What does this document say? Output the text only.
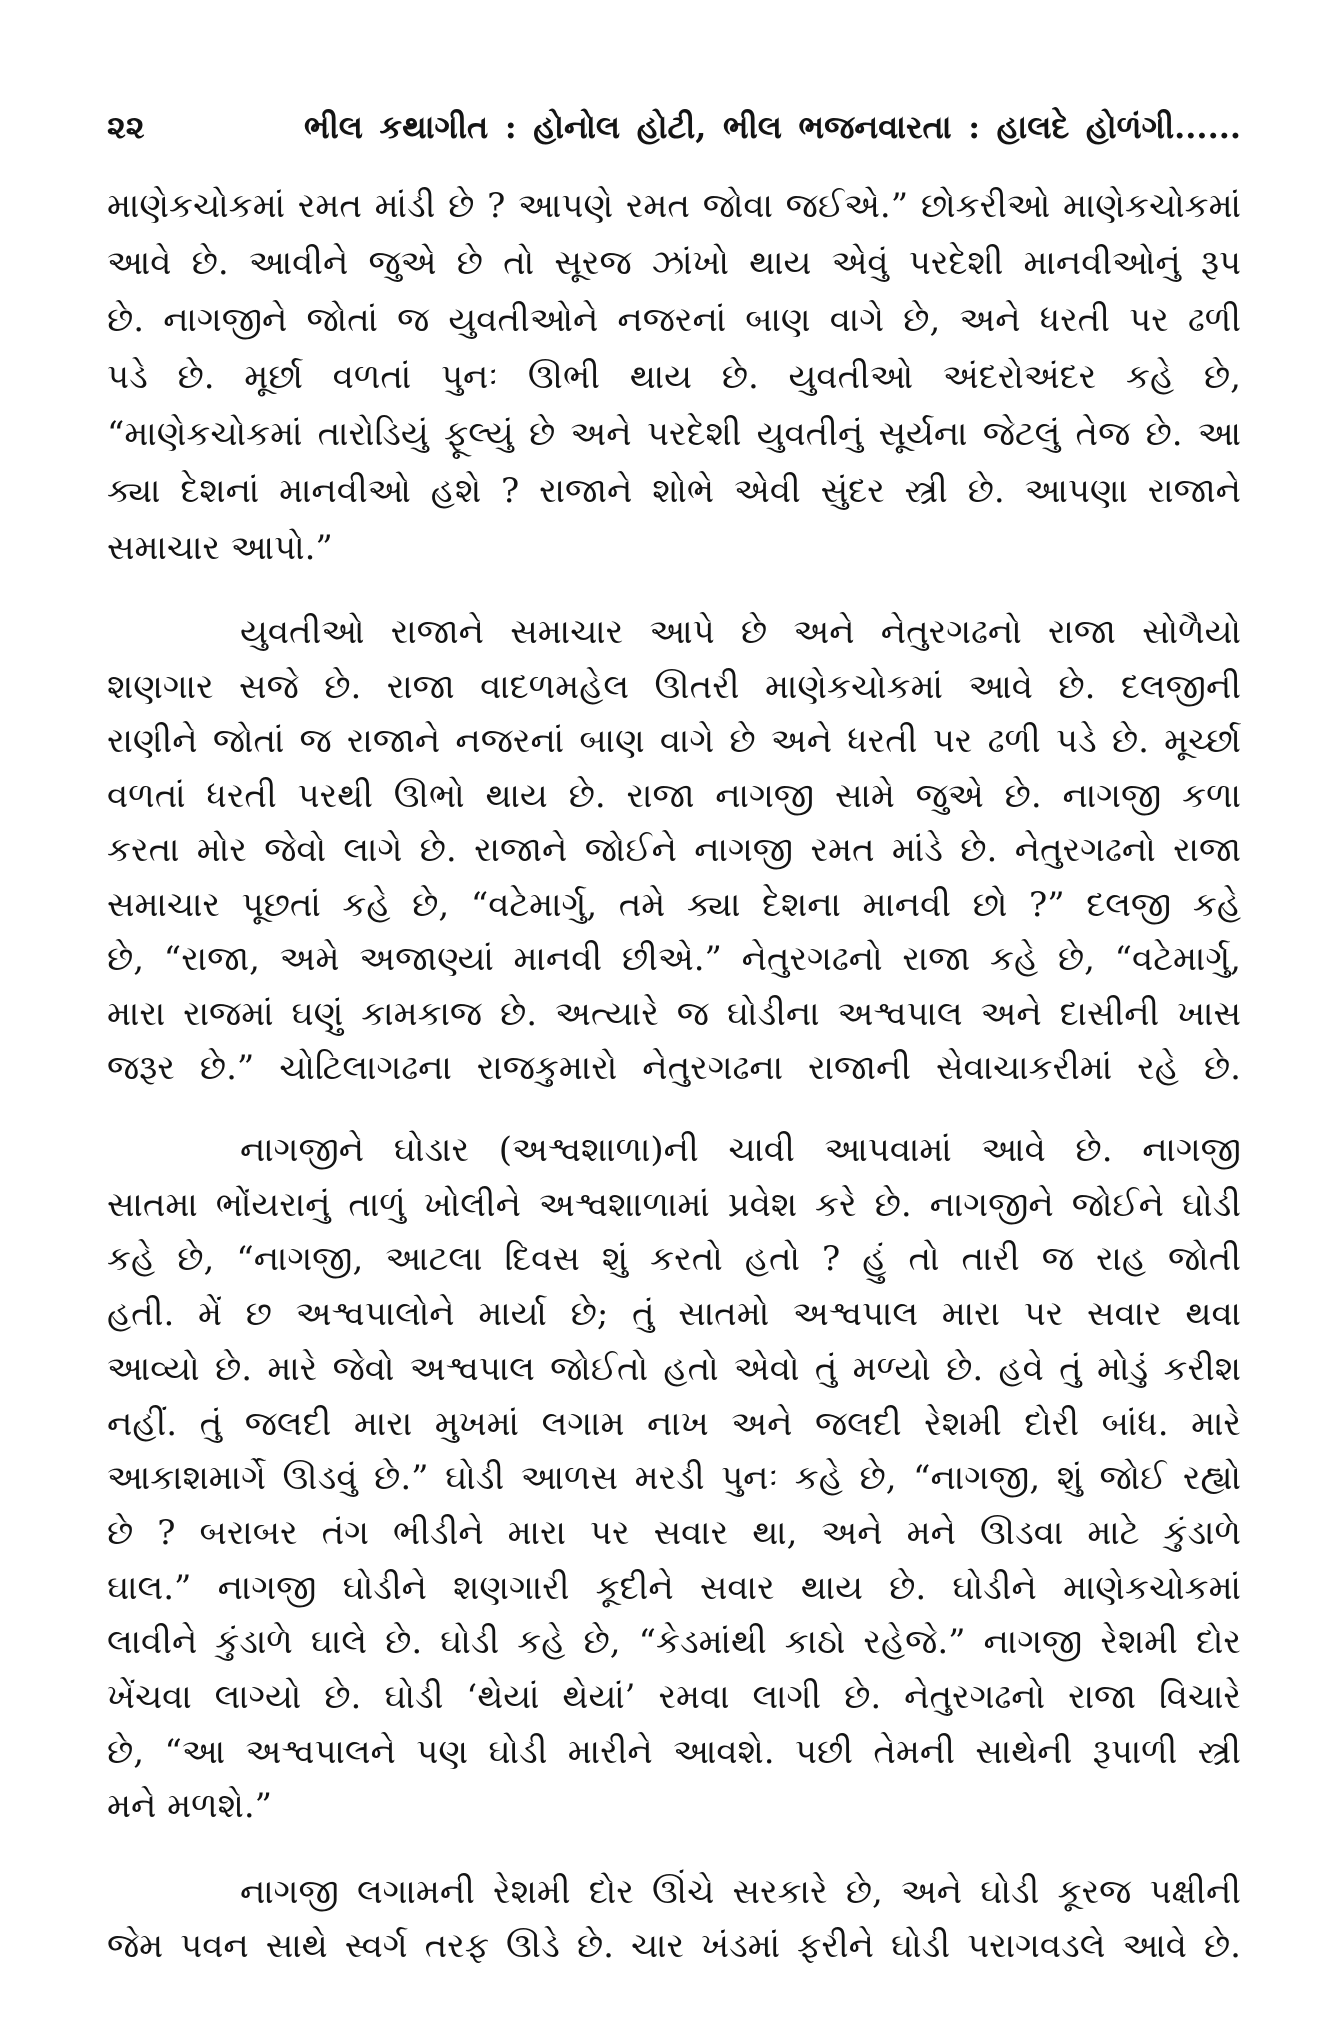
૨૨	ભીલ કથાગીત : હોનોલ હોટી, ભીલ ભજનવારતા : હાલદે હોળંગી......
માણેકચોકમાં રમત માંડી છે ? આપણે રમત જોવા જઈએ.” છોકરીઓ માણેકચોકમાં
આવે છે. આવીને જુએ છે તો સૂરજ ઝાંખો થાય એવું પરદેશી માનવીઓનું રૂપ
છે. નાગજીને જોતાં જ યુવતીઓને નજરનાં બાણ વાગે છે, અને ધરતી પર ઢળી
પડે છે. મૂર્છા વળતાં પુનઃ ઊભી થાય છે. યુવતીઓ અંદરોઅંદર કહે છે,
“માણેકચોકમાં તારોડિયું ફૂલ્યું છે અને પરદેશી યુવતીનું સૂર્યના જેટલું તેજ છે. આ
ક્યા દેશનાં માનવીઓ હશે ? રાજાને શોભે એવી સુંદર સ્ત્રી છે. આપણા રાજાને
સમાચાર આપો.”
યુવતીઓ રાજાને સમાચાર આપે છે અને નેતુરગઢનો રાજા સોળૈયો
શણગાર સજે છે. રાજા વાદળમહેલ ઊતરી માણેકચોકમાં આવે છે. દલજીની
રાણીને જોતાં જ રાજાને નજરનાં બાણ વાગે છે અને ધરતી પર ઢળી પડે છે. મૂર્ચ્છા
વળતાં ધરતી પરથી ઊભો થાય છે. રાજા નાગજી સામે જુએ છે. નાગજી કળા
કરતા મોર જેવો લાગે છે. રાજાને જોઈને નાગજી રમત માંડે છે. નેતુરગઢનો રાજા
સમાચાર પૂછતાં કહે છે, “વટેમાર્ગુ, તમે ક્યા દેશના માનવી છો ?” દલજી કહે
છે, “રાજા, અમે અજાણ્યાં માનવી છીએ.” નેતુરગઢનો રાજા કહે છે, “વટેમાર્ગુ,
મારા રાજમાં ઘણું કામકાજ છે. અત્યારે જ ઘોડીના અશ્વપાલ અને દાસીની ખાસ
જરૂર છે.” ચોટિલાગઢના રાજકુમારો નેતુરગઢના રાજાની સેવાચાકરીમાં રહે છે.
નાગજીને ઘોડાર (અશ્વશાળા)ની ચાવી આપવામાં આવે છે. નાગજી
સાતમા ભોંયરાનું તાળું ખોલીને અશ્વશાળામાં પ્રવેશ કરે છે. નાગજીને જોઈને ઘોડી
કહે છે, “નાગજી, આટલા દિવસ શું કરતો હતો ? હું તો તારી જ રાહ જોતી
હતી. મેં છ અશ્વપાલોને માર્યા છે; તું સાતમો અશ્વપાલ મારા પર સવાર થવા
આવ્યો છે. મારે જેવો અશ્વપાલ જોઈતો હતો એવો તું મળ્યો છે. હવે તું મોડું કરીશ
નહીં. તું જલદી મારા મુખમાં લગામ નાખ અને જલદી રેશમી દોરી બાંધ. મારે
આકાશમાર્ગે ઊડવું છે.” ઘોડી આળસ મરડી પુનઃ કહે છે, “નાગજી, શું જોઈ રહ્યો
છે ? બરાબર તંગ ભીડીને મારા પર સવાર થા, અને મને ઊડવા માટે કુંડાળે
ઘાલ.” નાગજી ઘોડીને શણગારી કૂદીને સવાર થાય છે. ઘોડીને માણેકચોકમાં
લાવીને કુંડાળે ઘાલે છે. ઘોડી કહે છે, “કેડમાંથી કાઠો રહેજે.” નાગજી રેશમી દોર
ખેંચવા લાગ્યો છે. ઘોડી ‘થેયાં થેયાં’ રમવા લાગી છે. નેતુરગઢનો રાજા વિચારે
છે, “આ અશ્વપાલને પણ ઘોડી મારીને આવશે. પછી તેમની સાથેની રૂપાળી સ્ત્રી
મને મળશે.”
નાગજી લગામની રેશમી દોર ઊંચે સરકારે છે, અને ઘોડી કૂરજ પક્ષીની
જેમ પવન સાથે સ્વર્ગ તરફ ઊડે છે. ચાર ખંડમાં ફરીને ઘોડી પરાગવડલે આવે છે.
